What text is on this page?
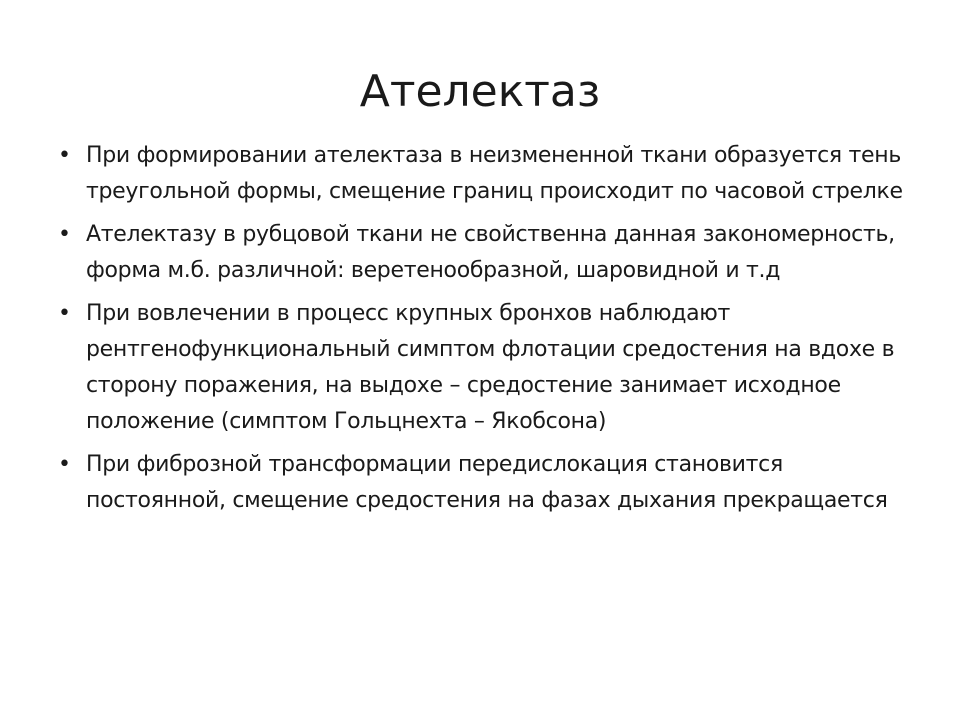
Ателектаз
• При формировании ателектаза в неизмененной ткани образуется тень треугольной формы, смещение границ происходит по часовой стрелке
• Ателектазу в рубцовой ткани не свойственна данная закономерность, форма м.б. различной: веретенообразной, шаровидной и т.д
• При вовлечении в процесс крупных бронхов наблюдают рентгенофункциональный симптом флотации средостения на вдохе в сторону поражения, на выдохе – средостение занимает исходное положение (симптом Гольцнехта – Якобсона)
• При фиброзной трансформации передислокация становится постоянной, смещение средостения на фазах дыхания прекращается
